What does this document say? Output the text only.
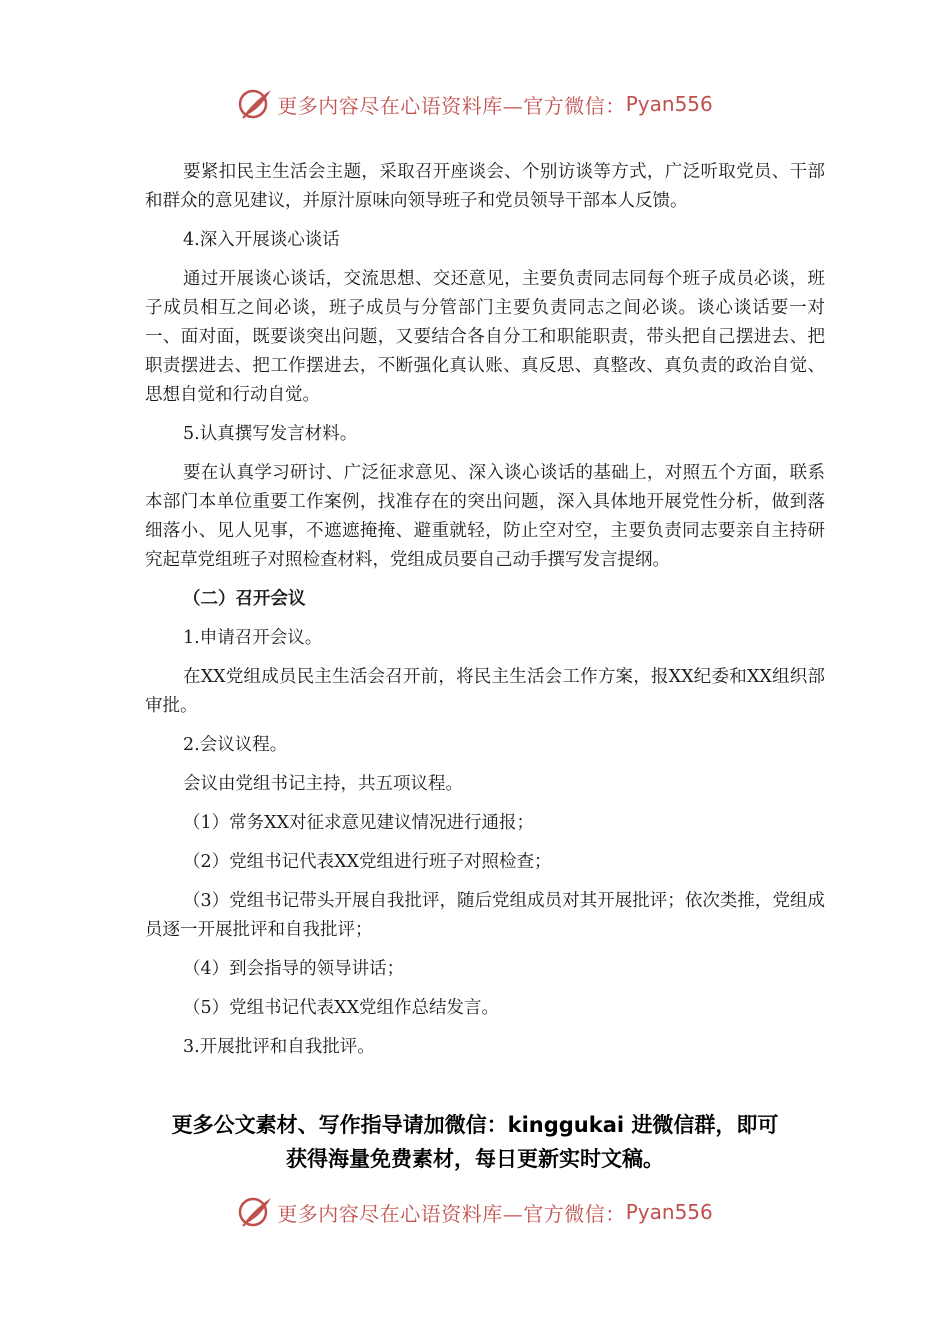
更多内容尽在心语资料库—官方微信： Pyan556

要紧扣民主生活会主题，采取召开座谈会、个别访谈等方式，广泛听取党员、干部和群众的意见建议，并原汁原味向领导班子和党员领导干部本人反馈。

4.深入开展谈心谈话

通过开展谈心谈话，交流思想、交还意见，主要负责同志同每个班子成员必谈，班子成员相互之间必谈，班子成员与分管部门主要负责同志之间必谈。谈心谈话要一对一、面对面，既要谈突出问题，又要结合各自分工和职能职责，带头把自己摆进去、把职责摆进去、把工作摆进去，不断强化真认账、真反思、真整改、真负责的政治自觉、思想自觉和行动自觉。

5.认真撰写发言材料。

要在认真学习研讨、广泛征求意见、深入谈心谈话的基础上，对照五个方面，联系本部门本单位重要工作案例，找准存在的突出问题，深入具体地开展党性分析，做到落细落小、见人见事，不遮遮掩掩、避重就轻，防止空对空，主要负责同志要亲自主持研究起草党组班子对照检查材料，党组成员要自己动手撰写发言提纲。

（二）召开会议

1.申请召开会议。

在XX党组成员民主生活会召开前，将民主生活会工作方案，报XX纪委和XX组织部审批。

2.会议议程。

会议由党组书记主持，共五项议程。

（1）常务XX对征求意见建议情况进行通报；

（2）党组书记代表XX党组进行班子对照检查；

（3）党组书记带头开展自我批评，随后党组成员对其开展批评；依次类推，党组成员逐一开展批评和自我批评；

（4）到会指导的领导讲话；

（5）党组书记代表XX党组作总结发言。

3.开展批评和自我批评。

更多公文素材、写作指导请加微信：kinggukai 进微信群，即可
获得海量免费素材，每日更新实时文稿。
更多内容尽在心语资料库—官方微信： Pyan556
